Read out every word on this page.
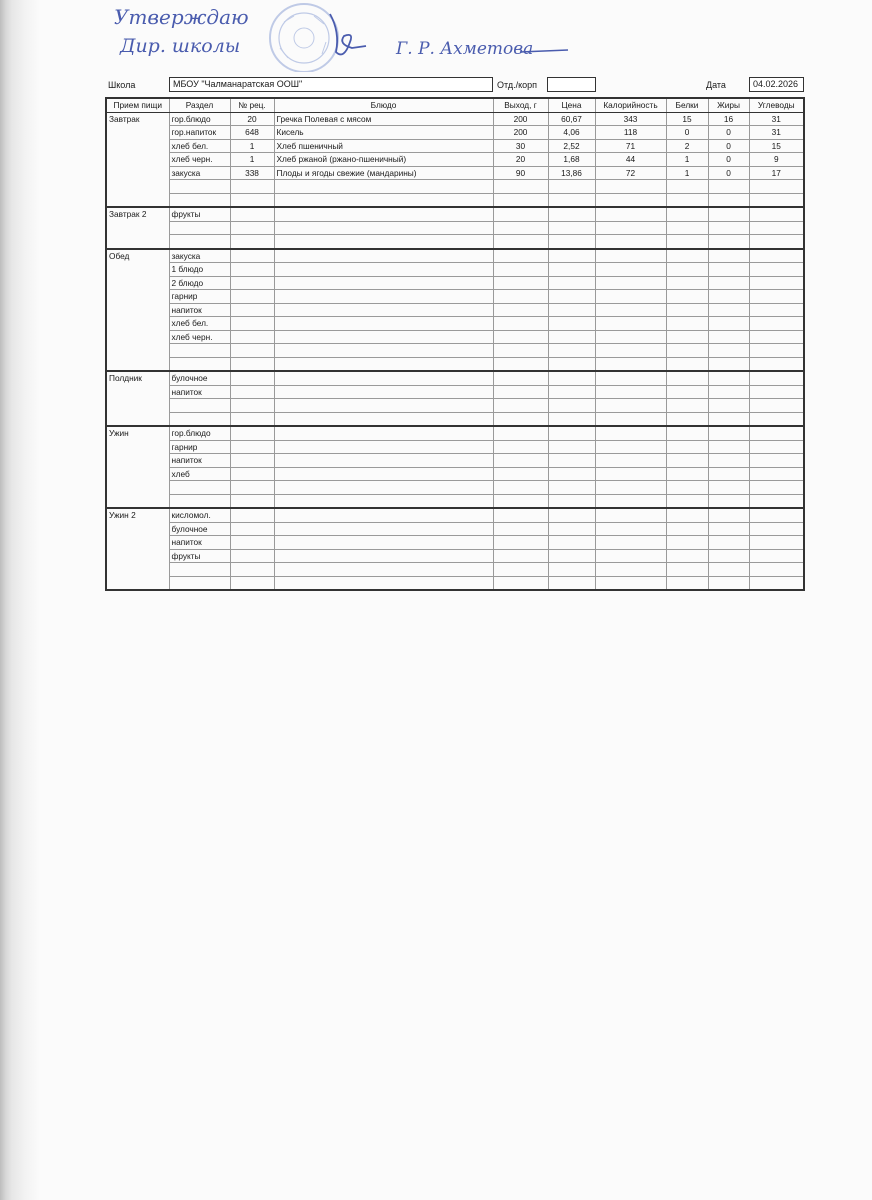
Утверждаю
Дир. школы	Г. Р. Ахметова
Школа	МБОУ "Чалманаратская ООШ"	Отд./корп	Дата	04.02.2026
Прием пищи	Раздел	№ рец.	Блюдо	Выход, г	Цена	Калорийность	Белки	Жиры	Углеводы
Завтрак	гор.блюдо	20	Гречка Полевая с мясом	200	60,67	343	15	16	31
	гор.напиток	648	Кисель	200	4,06	118	0	0	31
	хлеб бел.	1	Хлеб пшеничный	30	2,52	71	2	0	15
	хлеб черн.	1	Хлеб ржаной (ржано-пшеничный)	20	1,68	44	1	0	9
	закуска	338	Плоды и ягоды свежие (мандарины)	90	13,86	72	1	0	17

Завтрак 2	фрукты								

Обед	закуска								
	1 блюдо								
	2 блюдо								
	гарнир								
	напиток								
	хлеб бел.								
	хлеб черн.								

Полдник	булочное								
	напиток								

Ужин	гор.блюдо								
	гарнир								
	напиток								
	хлеб								

Ужин 2	кисломол.								
	булочное								
	напиток								
	фрукты								
